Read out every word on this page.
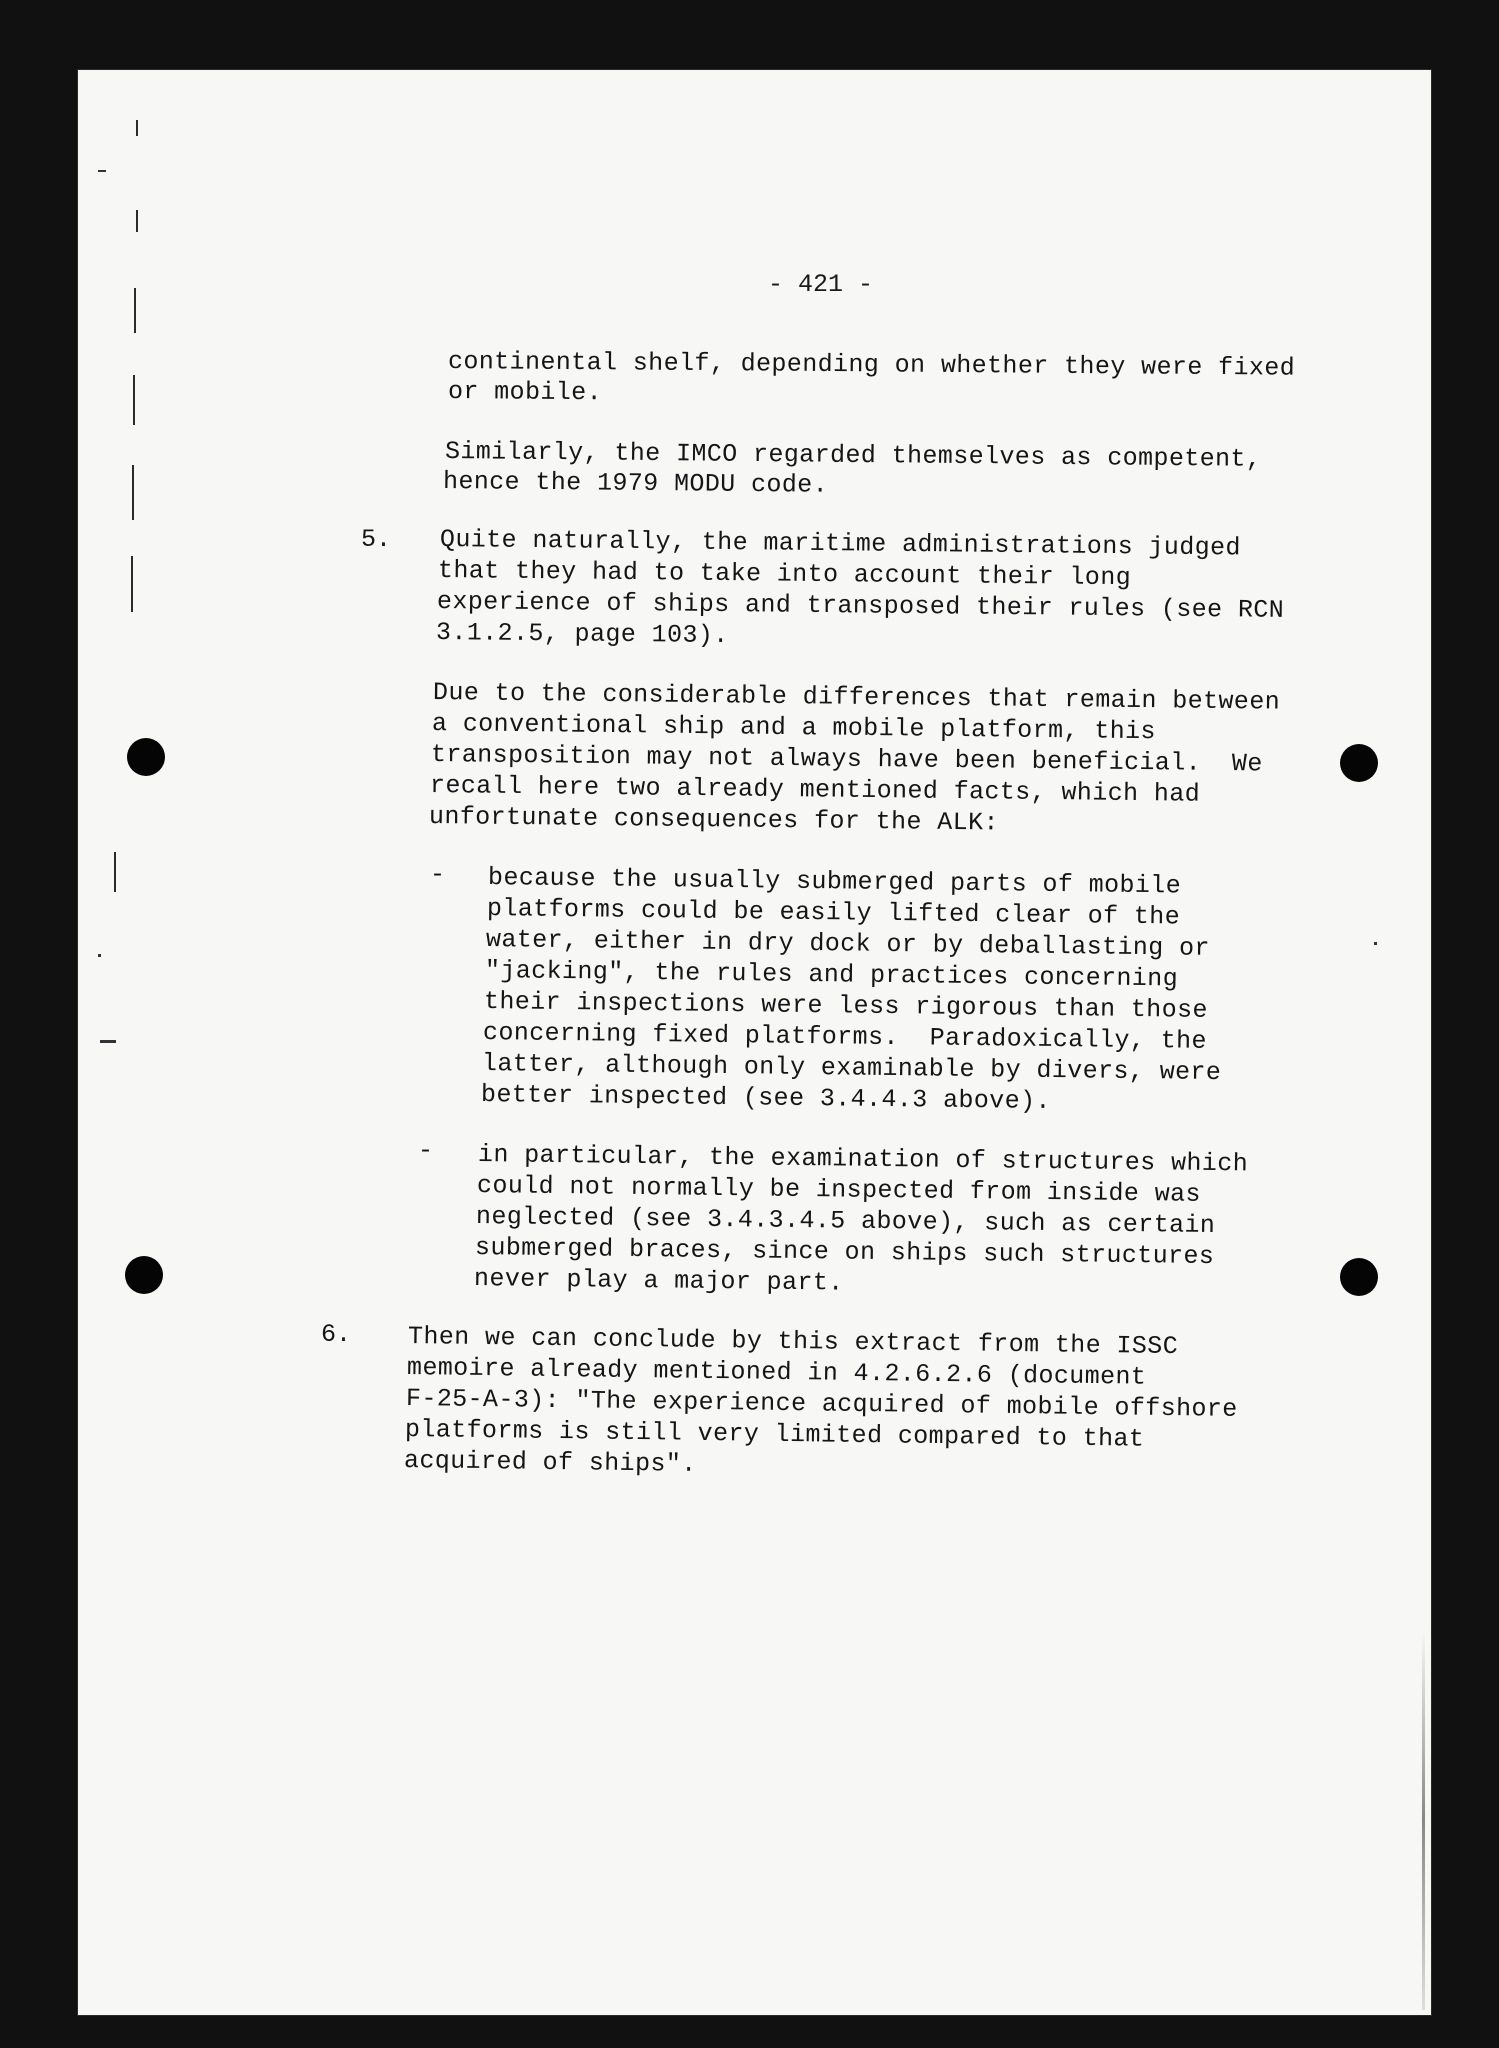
- 421 -
continental shelf, depending on whether they were fixed
or mobile.
Similarly, the IMCO regarded themselves as competent,
hence the 1979 MODU code.
5. Quite naturally, the maritime administrations judged
that they had to take into account their long
experience of ships and transposed their rules (see RCN
3.1.2.5, page 103).
Due to the considerable differences that remain between
a conventional ship and a mobile platform, this
transposition may not always have been beneficial.  We
recall here two already mentioned facts, which had
unfortunate consequences for the ALK:
- because the usually submerged parts of mobile
platforms could be easily lifted clear of the
water, either in dry dock or by deballasting or
"jacking", the rules and practices concerning
their inspections were less rigorous than those
concerning fixed platforms.  Paradoxically, the
latter, although only examinable by divers, were
better inspected (see 3.4.4.3 above).
- in particular, the examination of structures which
could not normally be inspected from inside was
neglected (see 3.4.3.4.5 above), such as certain
submerged braces, since on ships such structures
never play a major part.
6. Then we can conclude by this extract from the ISSC
memoire already mentioned in 4.2.6.2.6 (document
F-25-A-3): "The experience acquired of mobile offshore
platforms is still very limited compared to that
acquired of ships".
